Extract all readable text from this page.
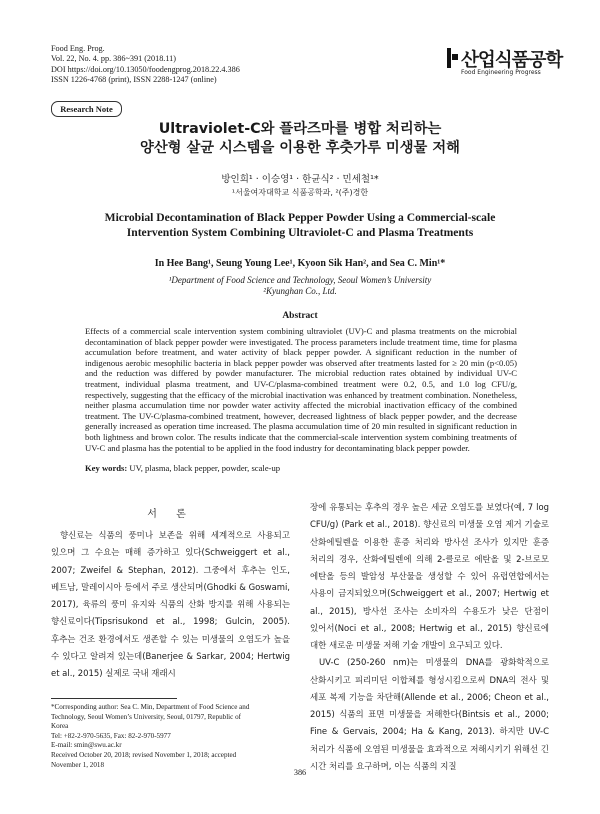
Food Eng. Prog.
Vol. 22, No. 4. pp. 386~391 (2018.11)
DOI https://doi.org/10.13050/foodengprog.2018.22.4.386
ISSN 1226-4768 (print), ISSN 2288-1247 (online)
산업식품공학
Food Engineering Progress
Research Note
Ultraviolet-C와 플라즈마를 병합 처리하는
양산형 살균 시스템을 이용한 후춧가루 미생물 저해
방인희¹ · 이승영¹ · 한균식² · 민세철¹*
¹서울여자대학교 식품공학과, ²(주)경한
Microbial Decontamination of Black Pepper Powder Using a Commercial-scale
Intervention System Combining Ultraviolet-C and Plasma Treatments
In Hee Bang¹, Seung Young Lee¹, Kyoon Sik Han², and Sea C. Min¹*
¹Department of Food Science and Technology, Seoul Women’s University
²Kyunghan Co., Ltd.
Abstract
Effects of a commercial scale intervention system combining ultraviolet (UV)-C and plasma treatments on the microbial decontamination of black pepper powder were investigated. The process parameters include treatment time, time for plasma accumulation before treatment, and water activity of black pepper powder. A significant reduction in the number of indigenous aerobic mesophilic bacteria in black pepper powder was observed after treatments lasted for ≥ 20 min (p<0.05) and the reduction was differed by powder manufacturer. The microbial reduction rates obtained by individual UV-C treatment, individual plasma treatment, and UV-C/plasma-combined treatment were 0.2, 0.5, and 1.0 log CFU/g, respectively, suggesting that the efficacy of the microbial inactivation was enhanced by treatment combination. Nonetheless, neither plasma accumulation time nor powder water activity affected the microbial inactivation efficacy of the combined treatment. The UV-C/plasma-combined treatment, however, decreased lightness of black pepper powder, and the decrease generally increased as operation time increased. The plasma accumulation time of 20 min resulted in significant reduction in both lightness and brown color. The results indicate that the commercial-scale intervention system combining treatments of UV-C and plasma has the potential to be applied in the food industry for decontaminating black pepper powder.
Key words: UV, plasma, black pepper, powder, scale-up
서 론
향신료는 식품의 풍미나 보존을 위해 세계적으로 사용되고 있으며 그 수요는 매해 증가하고 있다(Schweiggert et al., 2007; Zweifel & Stephan, 2012). 그중에서 후추는 인도, 베트남, 말레이시아 등에서 주로 생산되며(Ghodki & Goswami, 2017), 육류의 풍미 유지와 식품의 산화 방지를 위해 사용되는 향신료이다(Tipsrisukond et al., 1998; Gulcin, 2005). 후추는 건조 환경에서도 생존할 수 있는 미생물의 오염도가 높을 수 있다고 알려져 있는데(Banerjee & Sarkar, 2004; Hertwig et al., 2015) 실제로 국내 재래시
장에 유통되는 후추의 경우 높은 세균 오염도를 보였다(예, 7 log CFU/g) (Park et al., 2018). 향신료의 미생물 오염 제거 기술로 산화에틸렌을 이용한 훈증 처리와 방사선 조사가 있지만 훈증 처리의 경우, 산화에틸렌에 의해 2-클로로 에탄올 및 2-브로모 에탄올 등의 발암성 부산물을 생성할 수 있어 유럽연합에서는 사용이 금지되었으며(Schweiggert et al., 2007; Hertwig et al., 2015), 방사선 조사는 소비자의 수용도가 낮은 단점이 있어서(Noci et al., 2008; Hertwig et al., 2015) 향신료에 대한 새로운 미생물 저해 기술 개발이 요구되고 있다.
UV-C (250-260 nm)는 미생물의 DNA를 광화학적으로 산화시키고 피리미딘 이합체를 형성시킴으로써 DNA의 전사 및 세포 복제 기능을 차단해(Allende et al., 2006; Cheon et al., 2015) 식품의 표면 미생물을 저해한다(Bintsis et al., 2000; Fine & Gervais, 2004; Ha & Kang, 2013). 하지만 UV-C 처리가 식품에 오염된 미생물을 효과적으로 저해시키기 위해선 긴 시간 처리를 요구하며, 이는 식품의 지질
*Corresponding author: Sea C. Min, Department of Food Science and
Technology, Seoul Women’s University, Seoul, 01797, Republic of
Korea
Tel: +82-2-970-5635, Fax: 82-2-970-5977
E-mail: smin@swu.ac.kr
Received October 20, 2018; revised November 1, 2018; accepted
November 1, 2018
386
